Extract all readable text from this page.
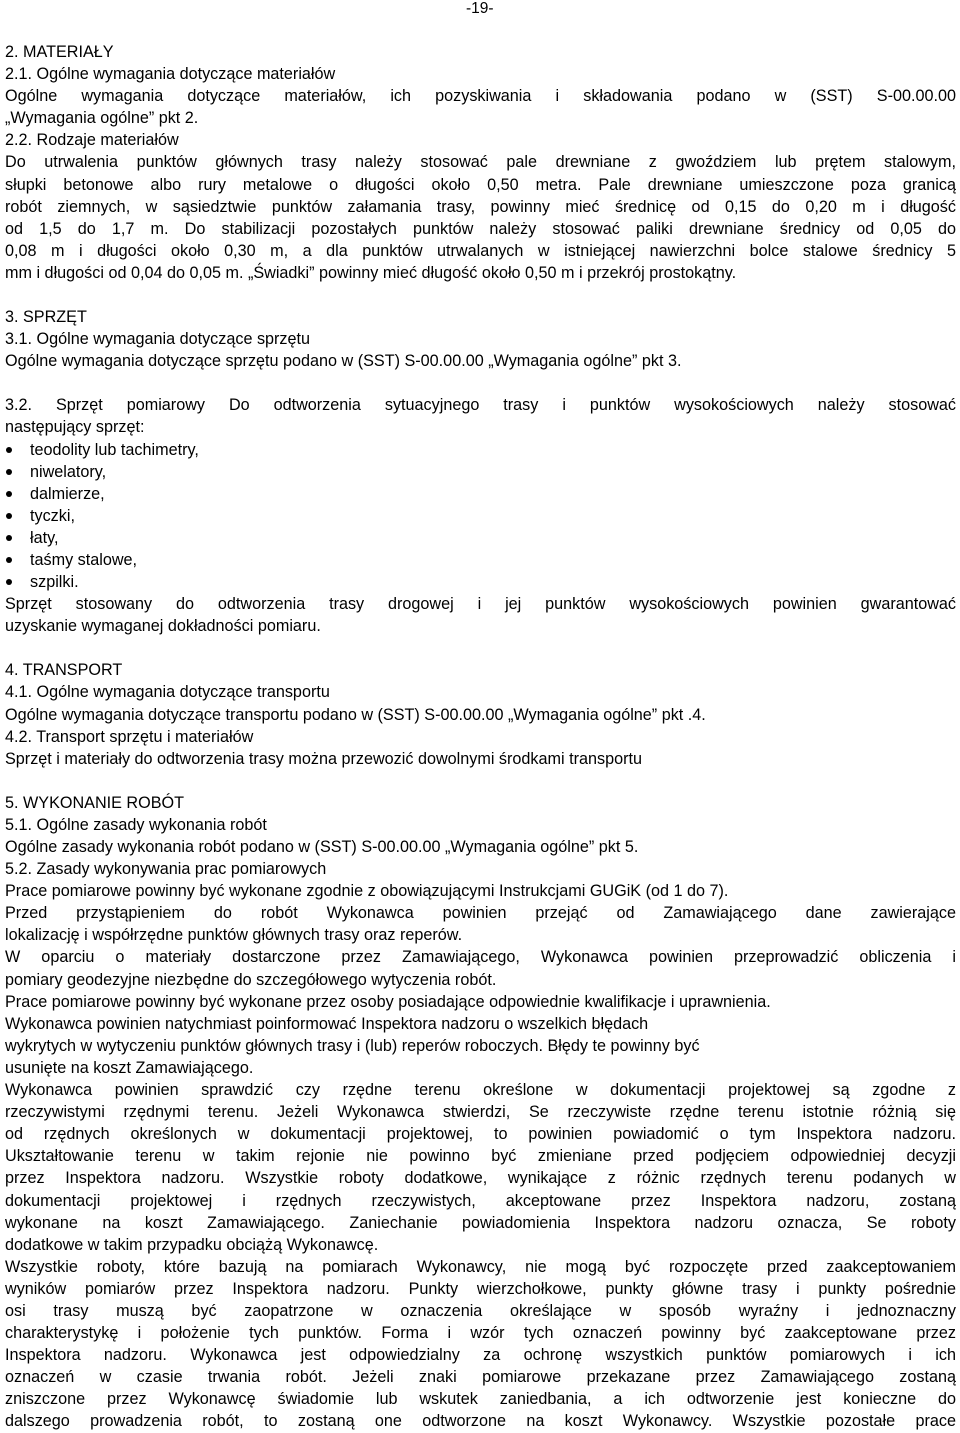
-19-
2. MATERIAŁY
2.1. Ogólne wymagania dotyczące materiałów
Ogólne wymagania dotyczące materiałów, ich pozyskiwania i składowania podano w (SST) S-00.00.00
„Wymagania ogólne” pkt 2.
2.2. Rodzaje materiałów
Do utrwalenia punktów głównych trasy należy stosować pale drewniane z gwoździem lub prętem stalowym,
słupki betonowe albo rury metalowe o długości około 0,50 metra. Pale drewniane umieszczone poza granicą
robót ziemnych, w sąsiedztwie punktów załamania trasy, powinny mieć średnicę od 0,15 do 0,20 m i długość
od 1,5 do 1,7 m. Do stabilizacji pozostałych punktów należy stosować paliki drewniane średnicy od 0,05 do
0,08 m i długości około 0,30 m, a dla punktów utrwalanych w istniejącej nawierzchni bolce stalowe średnicy 5
mm i długości od 0,04 do 0,05 m. „Świadki” powinny mieć długość około 0,50 m i przekrój prostokątny.
3. SPRZĘT
3.1. Ogólne wymagania dotyczące sprzętu
Ogólne wymagania dotyczące sprzętu podano w (SST) S-00.00.00 „Wymagania ogólne” pkt 3.
3.2. Sprzęt pomiarowy Do odtworzenia sytuacyjnego trasy i punktów wysokościowych należy stosować
następujący sprzęt:
teodolity lub tachimetry,
niwelatory,
dalmierze,
tyczki,
łaty,
taśmy stalowe,
szpilki.
Sprzęt stosowany do odtworzenia trasy drogowej i jej punktów wysokościowych powinien gwarantować
uzyskanie wymaganej dokładności pomiaru.
4. TRANSPORT
4.1. Ogólne wymagania dotyczące transportu
Ogólne wymagania dotyczące transportu podano w (SST) S-00.00.00 „Wymagania ogólne” pkt .4.
4.2. Transport sprzętu i materiałów
Sprzęt i materiały do odtworzenia trasy można przewozić dowolnymi środkami transportu
5. WYKONANIE ROBÓT
5.1. Ogólne zasady wykonania robót
Ogólne zasady wykonania robót podano w (SST) S-00.00.00 „Wymagania ogólne” pkt 5.
5.2. Zasady wykonywania prac pomiarowych
Prace pomiarowe powinny być wykonane zgodnie z obowiązującymi Instrukcjami GUGiK (od 1 do 7).
Przed przystąpieniem do robót Wykonawca powinien przejąć od Zamawiającego dane zawierające
lokalizację i współrzędne punktów głównych trasy oraz reperów.
W oparciu o materiały dostarczone przez Zamawiającego, Wykonawca powinien przeprowadzić obliczenia i
pomiary geodezyjne niezbędne do szczegółowego wytyczenia robót.
Prace pomiarowe powinny być wykonane przez osoby posiadające odpowiednie kwalifikacje i uprawnienia.
Wykonawca powinien natychmiast poinformować Inspektora nadzoru o wszelkich błędach
wykrytych w wytyczeniu punktów głównych trasy i (lub) reperów roboczych. Błędy te powinny być
usunięte na koszt Zamawiającego.
Wykonawca powinien sprawdzić czy rzędne terenu określone w dokumentacji projektowej są zgodne z
rzeczywistymi rzędnymi terenu. Jeżeli Wykonawca stwierdzi, Se rzeczywiste rzędne terenu istotnie różnią się
od rzędnych określonych w dokumentacji projektowej, to powinien powiadomić o tym Inspektora nadzoru.
Ukształtowanie terenu w takim rejonie nie powinno być zmieniane przed podjęciem odpowiedniej decyzji
przez Inspektora nadzoru. Wszystkie roboty dodatkowe, wynikające z różnic rzędnych terenu podanych w
dokumentacji projektowej i rzędnych rzeczywistych, akceptowane przez Inspektora nadzoru, zostaną
wykonane na koszt Zamawiającego. Zaniechanie powiadomienia Inspektora nadzoru oznacza, Se roboty
dodatkowe w takim przypadku obciążą Wykonawcę.
Wszystkie roboty, które bazują na pomiarach Wykonawcy, nie mogą być rozpoczęte przed zaakceptowaniem
wyników pomiarów przez Inspektora nadzoru. Punkty wierzchołkowe, punkty główne trasy i punkty pośrednie
osi trasy muszą być zaopatrzone w oznaczenia określające w sposób wyraźny i jednoznaczny
charakterystykę i położenie tych punktów. Forma i wzór tych oznaczeń powinny być zaakceptowane przez
Inspektora nadzoru. Wykonawca jest odpowiedzialny za ochronę wszystkich punktów pomiarowych i ich
oznaczeń w czasie trwania robót. Jeżeli znaki pomiarowe przekazane przez Zamawiającego zostaną
zniszczone przez Wykonawcę świadomie lub wskutek zaniedbania, a ich odtworzenie jest konieczne do
dalszego prowadzenia robót, to zostaną one odtworzone na koszt Wykonawcy. Wszystkie pozostałe prace
